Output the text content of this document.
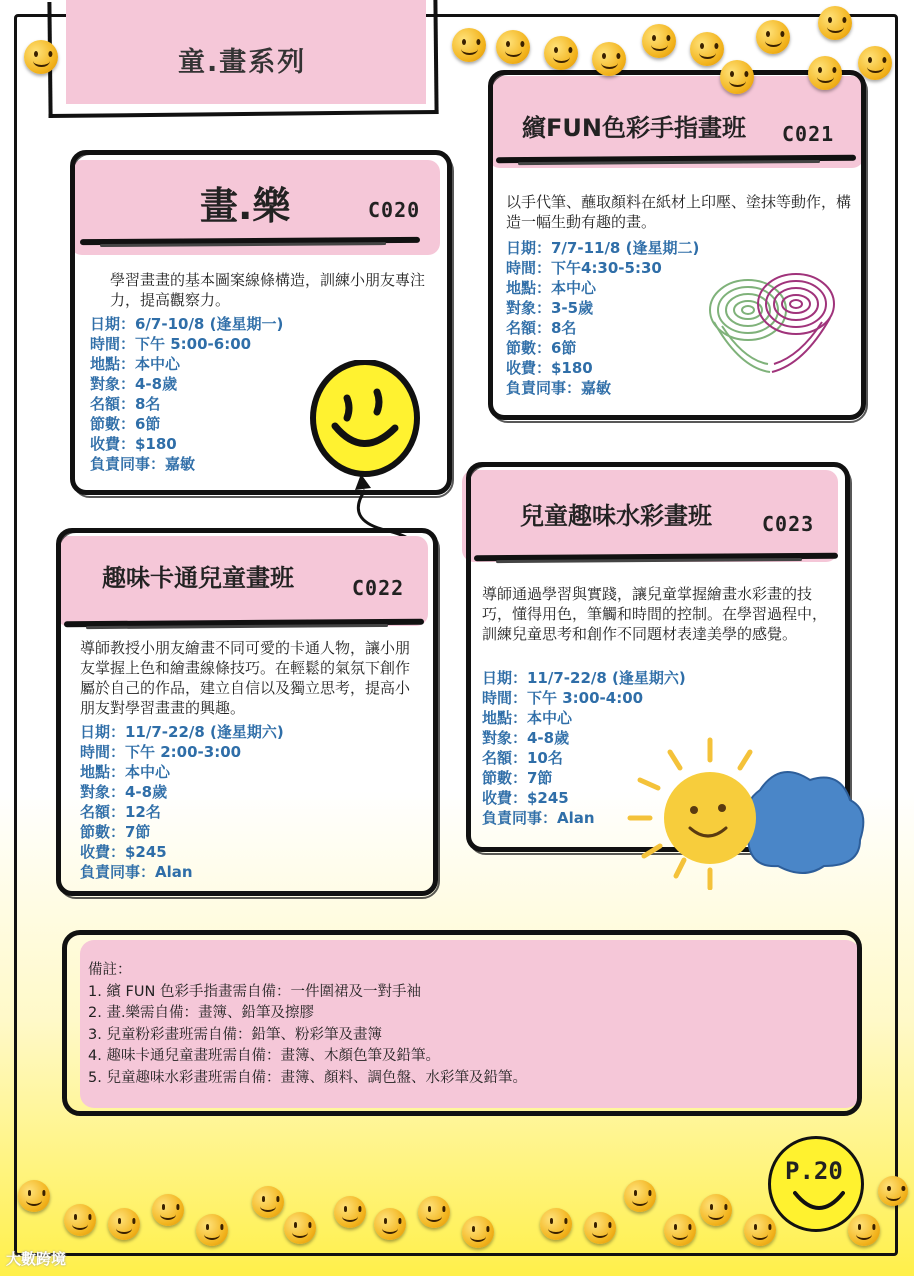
童.畫系列
畫.樂	C020
學習畫畫的基本圖案線條構造，訓練小朋友專注力，提高觀察力。
日期：6/7-10/8 (逢星期一)
時間：下午 5:00-6:00
地點：本中心
對象：4-8歲
名額：8名
節數：6節
收費：$180
負責同事：嘉敏
繽FUN色彩手指畫班 C021
以手代筆、蘸取顏料在紙材上印壓、塗抹等動作，構造一幅生動有趣的畫。
日期：7/7-11/8 (逢星期二)
時間：下午4:30-5:30
地點：本中心
對象：3-5歲
名額：8名
節數：6節
收費：$180
負責同事：嘉敏
趣味卡通兒童畫班	C022
導師教授小朋友繪畫不同可愛的卡通人物，讓小朋友掌握上色和繪畫線條技巧。在輕鬆的氣氛下創作屬於自己的作品，建立自信以及獨立思考，提高小朋友對學習畫畫的興趣。
日期：11/7-22/8 (逢星期六)
時間：下午 2:00-3:00
地點：本中心
對象：4-8歲
名額：12名
節數：7節
收費：$245
負責同事：Alan
兒童趣味水彩畫班	C023
導師通過學習與實踐，讓兒童掌握繪畫水彩畫的技巧，懂得用色，筆觸和時間的控制。在學習過程中，訓練兒童思考和創作不同題材表達美學的感覺。
日期：11/7-22/8 (逢星期六)
時間：下午 3:00-4:00
地點：本中心
對象：4-8歲
名額：10名
節數：7節
收費：$245
負責同事：Alan
備註：
1. 繽 FUN 色彩手指畫需自備：一件圍裙及一對手袖
2. 畫.樂需自備：畫簿、鉛筆及擦膠
3. 兒童粉彩畫班需自備：鉛筆、粉彩筆及畫簿
4. 趣味卡通兒童畫班需自備：畫簿、木顏色筆及鉛筆。
5. 兒童趣味水彩畫班需自備：畫簿、顏料、調色盤、水彩筆及鉛筆。
P.20
大數跨境
